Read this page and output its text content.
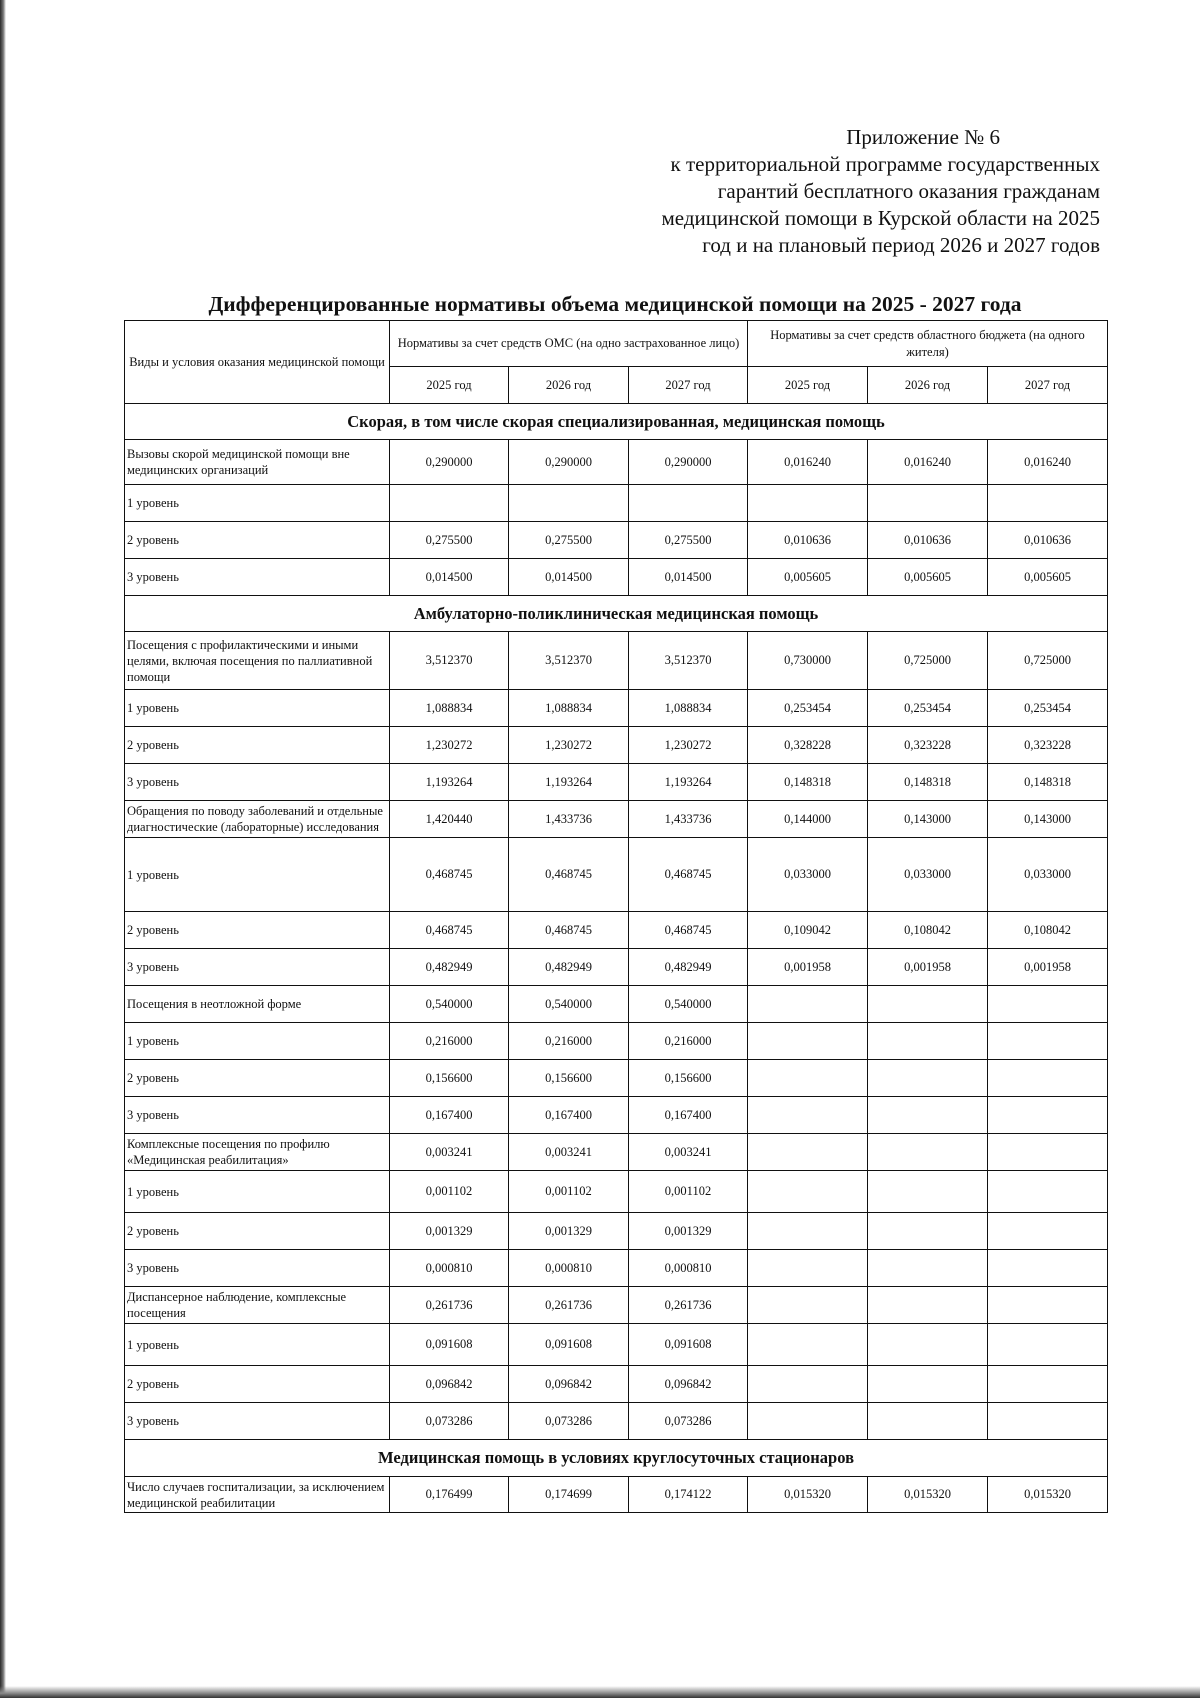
Приложение № 6
к территориальной программе государственных
гарантий бесплатного оказания гражданам
медицинской помощи в Курской области на 2025
год и на плановый период 2026 и 2027 годов
Дифференцированные нормативы объема медицинской помощи на 2025 - 2027 года
Виды и условия оказания медицинской помощи	Нормативы за счет средств ОМС (на одно застрахованное лицо)			Нормативы за счет средств областного бюджета (на одного жителя)		
	2025 год	2026 год	2027 год	2025 год	2026 год	2027 год
Скорая, в том числе скорая специализированная, медицинская помощь						
Вызовы скорой медицинской помощи вне медицинских организаций	0,290000	0,290000	0,290000	0,016240	0,016240	0,016240
1 уровень						
2 уровень	0,275500	0,275500	0,275500	0,010636	0,010636	0,010636
3 уровень	0,014500	0,014500	0,014500	0,005605	0,005605	0,005605
Амбулаторно-поликлиническая медицинская помощь						
Посещения с профилактическими и иными целями, включая посещения по паллиативной помощи	3,512370	3,512370	3,512370	0,730000	0,725000	0,725000
1 уровень	1,088834	1,088834	1,088834	0,253454	0,253454	0,253454
2 уровень	1,230272	1,230272	1,230272	0,328228	0,323228	0,323228
3 уровень	1,193264	1,193264	1,193264	0,148318	0,148318	0,148318
Обращения по поводу заболеваний и отдельные диагностические (лабораторные) исследования	1,420440	1,433736	1,433736	0,144000	0,143000	0,143000
1 уровень	0,468745	0,468745	0,468745	0,033000	0,033000	0,033000
2 уровень	0,468745	0,468745	0,468745	0,109042	0,108042	0,108042
3 уровень	0,482949	0,482949	0,482949	0,001958	0,001958	0,001958
Посещения в неотложной форме	0,540000	0,540000	0,540000			
1 уровень	0,216000	0,216000	0,216000			
2 уровень	0,156600	0,156600	0,156600			
3 уровень	0,167400	0,167400	0,167400			
Комплексные посещения по профилю «Медицинская реабилитация»	0,003241	0,003241	0,003241			
1 уровень	0,001102	0,001102	0,001102			
2 уровень	0,001329	0,001329	0,001329			
3 уровень	0,000810	0,000810	0,000810			
Диспансерное наблюдение, комплексные посещения	0,261736	0,261736	0,261736			
1 уровень	0,091608	0,091608	0,091608			
2 уровень	0,096842	0,096842	0,096842			
3 уровень	0,073286	0,073286	0,073286			
Медицинская помощь в условиях круглосуточных стационаров						
Число случаев госпитализации, за исключением медицинской реабилитации	0,176499	0,174699	0,174122	0,015320	0,015320	0,015320
